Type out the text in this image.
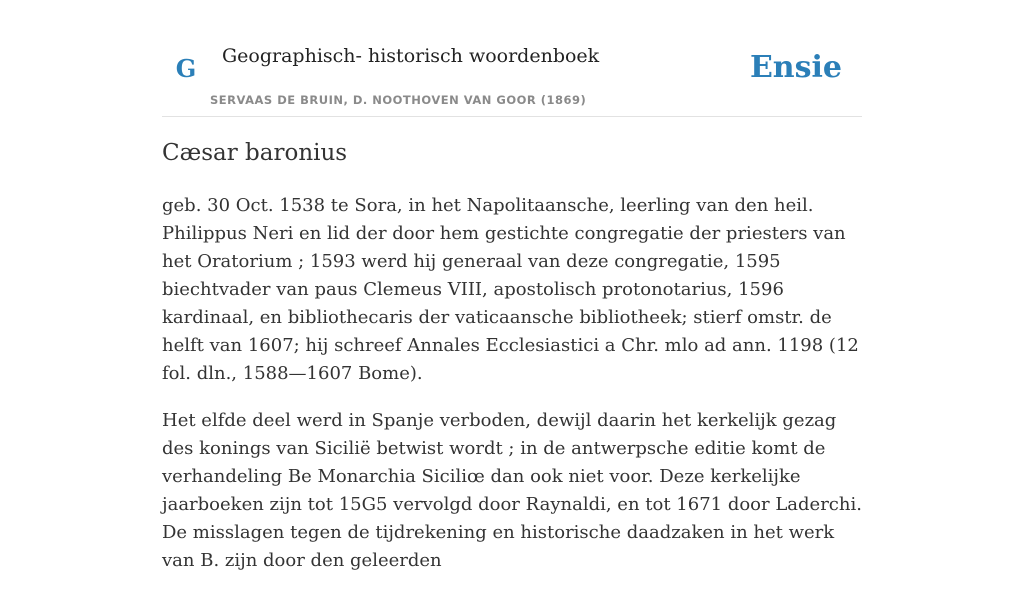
G	Geographisch- historisch woordenboek
SERVAAS DE BRUIN, D. NOOTHOVEN VAN GOOR (1869)
Ensie
Cæsar baronius

geb. 30 Oct. 1538 te Sora, in het Napolitaansche, leerling van den heil. Philippus Neri en lid der door hem gestichte congregatie der priesters van het Oratorium ; 1593 werd hij generaal van deze congregatie, 1595 biechtvader van paus Clemeus VIII, apostolisch protonotarius, 1596 kardinaal, en bibliothecaris der vaticaansche bibliotheek; stierf omstr. de helft van 1607; hij schreef Annales Ecclesiastici a Chr. mlo ad ann. 1198 (12 fol. dln., 1588—1607 Bome).

Het elfde deel werd in Spanje verboden, dewijl daarin het kerkelijk gezag des konings van Sicilië betwist wordt ; in de antwerpsche editie komt de verhandeling Be Monarchia Siciliœ dan ook niet voor. Deze kerkelijke jaarboeken zijn tot 15G5 vervolgd door Raynaldi, en tot 1671 door Laderchi. De misslagen tegen de tijdrekening en historische daadzaken in het werk van B. zijn door den geleerden
